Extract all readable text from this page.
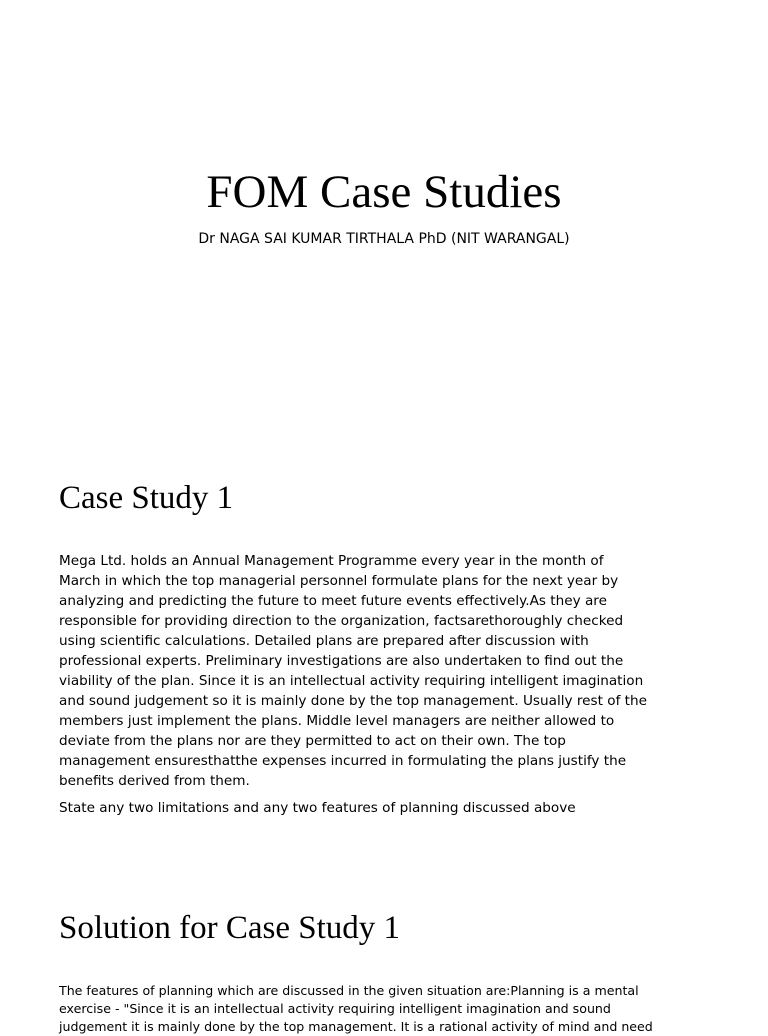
FOM Case Studies
Dr NAGA SAI KUMAR TIRTHALA PhD (NIT WARANGAL)
Case Study 1
Mega Ltd. holds an Annual Management Programme every year in the month of
March in which the top managerial personnel formulate plans for the next year by
analyzing and predicting the future to meet future events effectively.As they are
responsible for providing direction to the organization, factsarethoroughly checked
using scientific calculations. Detailed plans are prepared after discussion with
professional experts. Preliminary investigations are also undertaken to find out the
viability of the plan. Since it is an intellectual activity requiring intelligent imagination
and sound judgement so it is mainly done by the top management. Usually rest of the
members just implement the plans. Middle level managers are neither allowed to
deviate from the plans nor are they permitted to act on their own. The top
management ensuresthatthe expenses incurred in formulating the plans justify the
benefits derived from them.
State any two limitations and any two features of planning discussed above
Solution for Case Study 1
The features of planning which are discussed in the given situation are:Planning is a mental
exercise - "Since it is an intellectual activity requiring intelligent imagination and sound
judgement it is mainly done by the top management. It is a rational activity of mind and need
